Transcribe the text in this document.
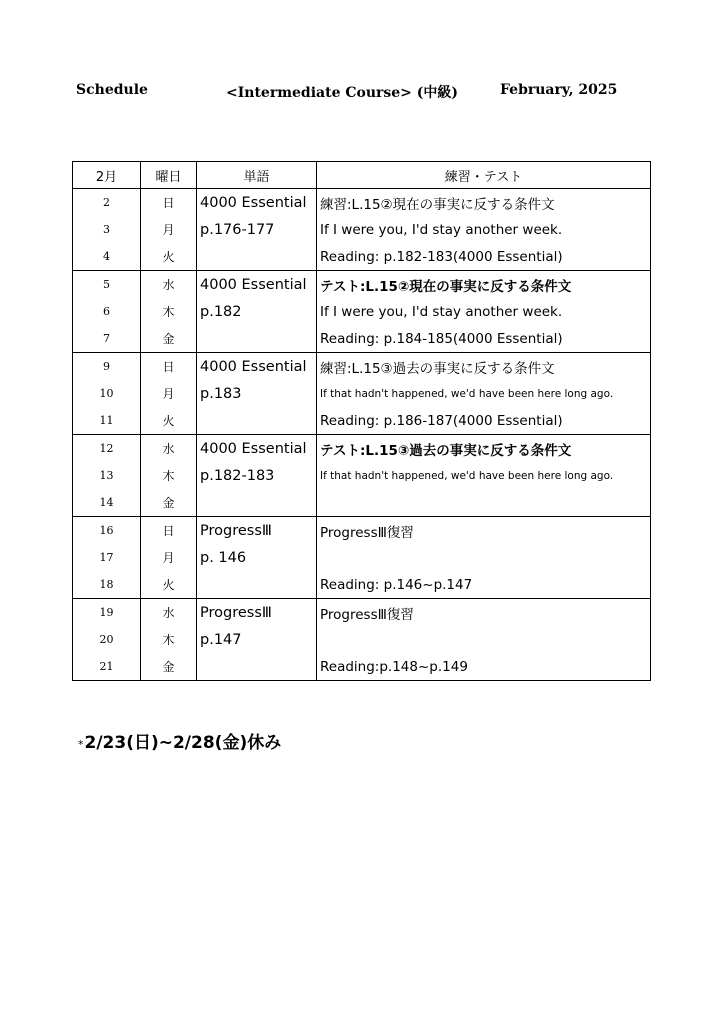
Schedule	<Intermediate Course> (中級)	February, 2025
2月	曜日	単語	練習・テスト
2	日	4000 Essential	練習:L.15②現在の事実に反する条件文
3	月	p.176-177	If I were you, I'd stay another week.
4	火		Reading: p.182-183(4000 Essential)
5	水	4000 Essential	テスト:L.15②現在の事実に反する条件文
6	木	p.182	If I were you, I'd stay another week.
7	金		Reading: p.184-185(4000 Essential)
9	日	4000 Essential	練習:L.15③過去の事実に反する条件文
10	月	p.183	If that hadn't happened, we'd have been here long ago.
11	火		Reading: p.186-187(4000 Essential)
12	水	4000 Essential	テスト:L.15③過去の事実に反する条件文
13	木	p.182-183	If that hadn't happened, we'd have been here long ago.
14	金		
16	日	ProgressⅢ	ProgressⅢ復習
17	月	p. 146	
18	火		Reading: p.146~p.147
19	水	ProgressⅢ	ProgressⅢ復習
20	木	p.147	
21	金		Reading:p.148~p.149
*2/23(日)~2/28(金)休み
